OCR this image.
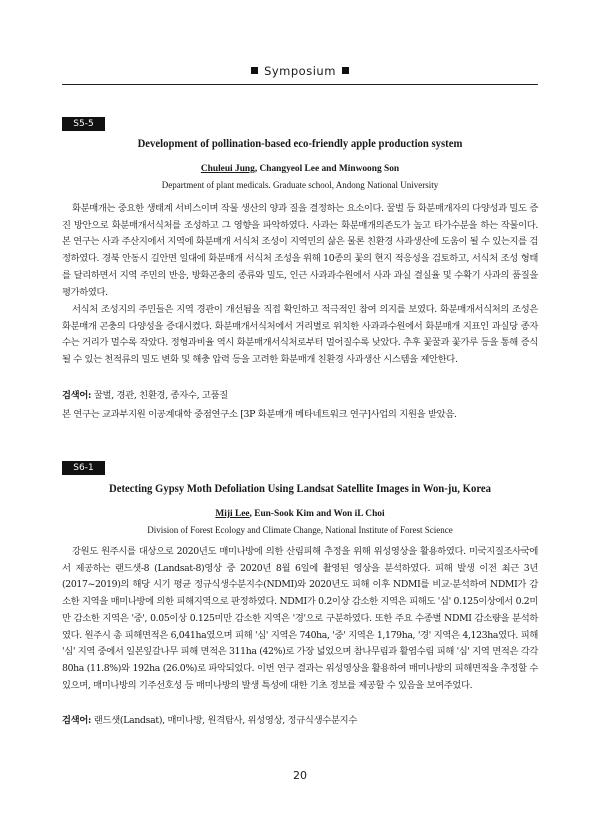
Symposium
S5-5
Development of pollination-based eco-friendly apple production system
Chuleui Jung, Changyeol Lee and Minwoong Son
Department of plant medicals. Graduate school, Andong National University
화분매개는 중요한 생태계 서비스이며 작물 생산의 양과 질을 결정하는 요소이다. 꿀벌 등 화분매개자의 다양성과 밀도 증진 방안으로 화분매개서식처를 조성하고 그 영향을 파악하였다. 사과는 화분매개의존도가 높고 타가수분을 하는 작물이다. 본 연구는 사과 주산지에서 지역에 화분매개 서식처 조성이 지역민의 삶은 물론 친환경 사과생산에 도움이 될 수 있는지를 검정하였다. 경북 안동시 길안면 일대에 화분매개 서식처 조성을 위해 10종의 꽃의 현지 적응성을 검토하고, 서식처 조성 형태를 달리하면서 지역 주민의 반응, 방화곤충의 종류와 밀도, 인근 사과과수원에서 사과 과실 결실율 및 수확기 사과의 품질을 평가하였다.
서식처 조성지의 주민들은 지역 경관이 개선됨을 직접 확인하고 적극적인 참여 의지를 보였다. 화분매개서식처의 조성은 화분매개 곤충의 다양성을 증대시켰다. 화분매개서식처에서 거리별로 위치한 사과과수원에서 화분매개 지표인 과실당 종자수는 거리가 멀수록 작았다. 정형과비율 역시 화분매개서식처로부터 멀어질수록 낮았다. 추후 꽃꿀과 꽃가루 등을 통해 증식될 수 있는 천적류의 밀도 변화 및 해충 압력 등을 고려한 화분매개 친환경 사과생산 시스템을 제안한다.
검색어: 꿀벌, 경관, 친환경, 종자수, 고품질
본 연구는 교과부지원 이공계대학 중점연구소 [3P 화분매개 메타네트워크 연구]사업의 지원을 받았음.
S6-1
Detecting Gypsy Moth Defoliation Using Landsat Satellite Images in Won-ju, Korea
Miji Lee, Eun-Sook Kim and Won iL Choi
Division of Forest Ecology and Climate Change, National Institute of Forest Science
강원도 원주시를 대상으로 2020년도 매미나방에 의한 산림피해 추정을 위해 위성영상을 활용하였다. 미국지질조사국에서 제공하는 랜드샛-8 (Landsat-8)영상 중 2020년 8월 6일에 촬영된 영상을 분석하였다. 피해 발생 이전 최근 3년(2017~2019)의 해당 시기 평균 정규식생수분지수(NDMI)와 2020년도 피해 이후 NDMI를 비교·분석하여 NDMI가 감소한 지역을 매미나방에 의한 피해지역으로 판정하였다. NDMI가 0.2이상 감소한 지역은 피해도 '심' 0.125이상에서 0.2미만 감소한 지역은 '중', 0.05이상 0.125미만 감소한 지역은 '경'으로 구분하였다. 또한 주요 수종별 NDMI 감소량을 분석하였다. 원주시 총 피해면적은 6,041ha였으며 피해 '심' 지역은 740ha, '중' 지역은 1,179ha, '경' 지역은 4,123ha였다. 피해 '심' 지역 중에서 일본잎갈나무 피해 면적은 311ha (42%)로 가장 넓었으며 참나무림과 활엽수림 피해 '심' 지역 면적은 각각 80ha (11.8%)와 192ha (26.0%)로 파악되었다. 이번 연구 결과는 위성영상을 활용하여 매미나방의 피해면적을 추정할 수 있으며, 매미나방의 기주선호성 등 매미나방의 발생 특성에 대한 기초 정보를 제공할 수 있음을 보여주었다.
검색어: 랜드샛(Landsat), 매미나방, 원격탐사, 위성영상, 정규식생수분지수
20
